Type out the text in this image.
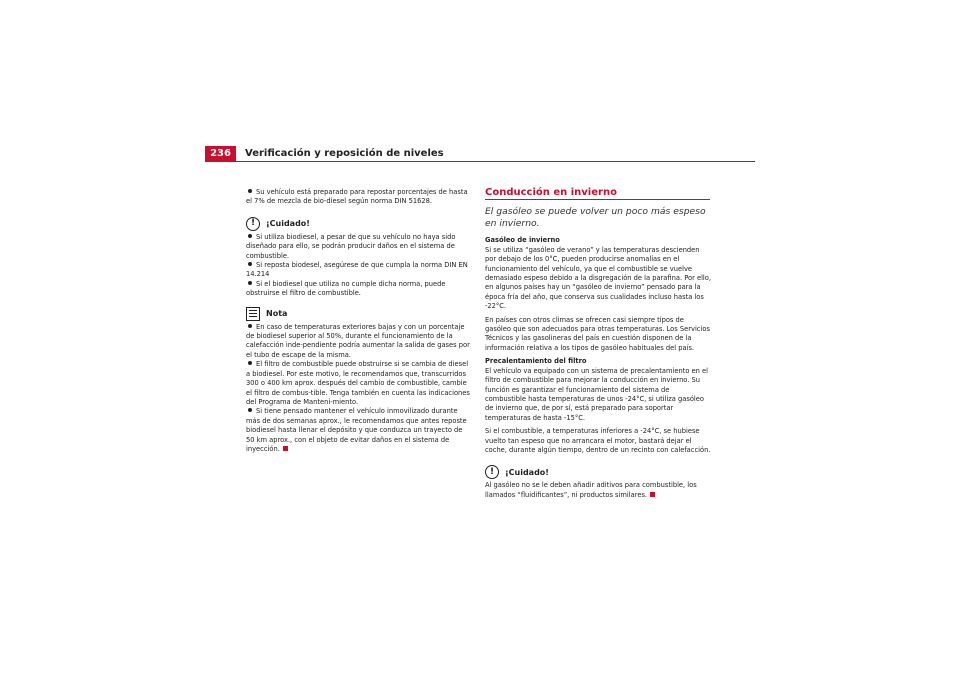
236	Verificación y reposición de niveles

Su vehículo está preparado para repostar porcentajes de hasta el 7% de mezcla de bio-diesel según norma DIN 51628.

!	¡Cuidado!

Si utiliza biodiesel, a pesar de que su vehículo no haya sido diseñado para ello, se podrán producir daños en el sistema de combustible.

Si reposta biodesel, asegúrese de que cumpla la norma DIN EN 14.214

Si el biodiesel que utiliza no cumple dicha norma, puede obstruirse el filtro de combustible.

Nota

En caso de temperaturas exteriores bajas y con un porcentaje de biodiesel superior al 50%, durante el funcionamiento de la calefacción inde-pendiente podría aumentar la salida de gases por el tubo de escape de la misma.

El filtro de combustible puede obstruirse si se cambia de diesel a biodiesel. Por este motivo, le recomendamos que, transcurridos 300 o 400 km aprox. después del cambio de combustible, cambie el filtro de combus-tible. Tenga también en cuenta las indicaciones del Programa de Manteni-miento.

Si tiene pensado mantener el vehículo inmovilizado durante más de dos semanas aprox., le recomendamos que antes reposte biodiesel hasta llenar el depósito y que conduzca un trayecto de 50 km aprox., con el objeto de evitar daños en el sistema de inyección.

Conducción en invierno
El gasóleo se puede volver un poco más espeso en invierno.

Gasóleo de invierno

Si se utiliza “gasóleo de verano” y las temperaturas descienden por debajo de los 0°C, pueden producirse anomalías en el funcionamiento del vehículo, ya que el combustible se vuelve demasiado espeso debido a la disgregación de la parafina. Por ello, en algunos países hay un “gasóleo de invierno” pensado para la época fría del año, que conserva sus cualidades incluso hasta los -22°C.

En países con otros climas se ofrecen casi siempre tipos de gasóleo que son adecuados para otras temperaturas. Los Servicios Técnicos y las gasolineras del país en cuestión disponen de la información relativa a los tipos de gasóleo habituales del país.

Precalentamiento del filtro

El vehículo va equipado con un sistema de precalentamiento en el filtro de combustible para mejorar la conducción en invierno. Su función es garantizar el funcionamiento del sistema de combustible hasta temperaturas de unos -24°C, si utiliza gasóleo de invierno que, de por sí, está preparado para soportar temperaturas de hasta -15°C.

Si el combustible, a temperaturas inferiores a -24°C, se hubiese vuelto tan espeso que no arrancara el motor, bastará dejar el coche, durante algún tiempo, dentro de un recinto con calefacción.

!	¡Cuidado!

Al gasóleo no se le deben añadir aditivos para combustible, los llamados “fluidificantes”, ni productos similares.
